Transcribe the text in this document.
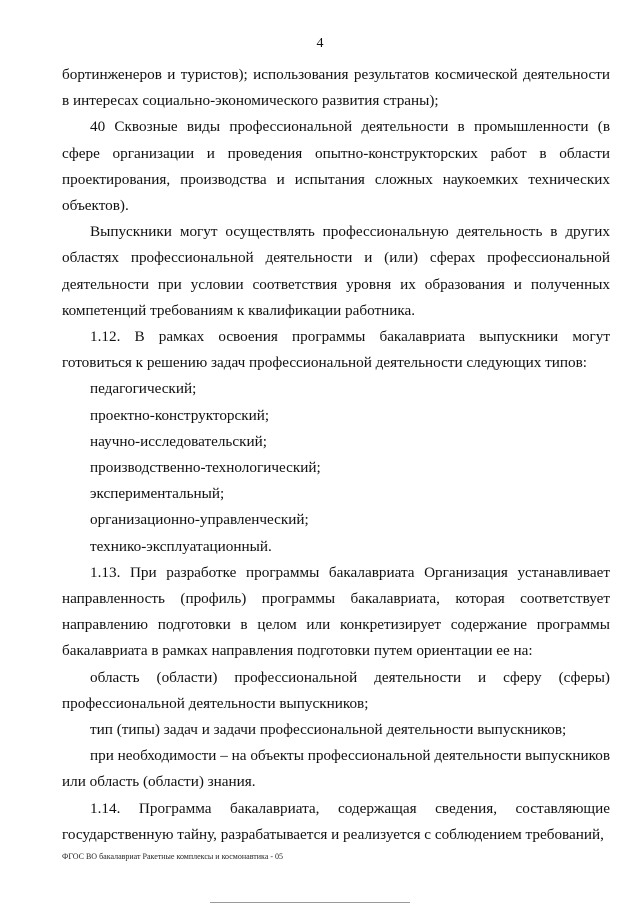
4

бортинженеров и туристов); использования результатов космической деятельности в интересах социально-экономического развития страны);

40 Сквозные виды профессиональной деятельности в промышленности (в сфере организации и проведения опытно-конструкторских работ в области проектирования, производства и испытания сложных наукоемких технических объектов).

Выпускники могут осуществлять профессиональную деятельность в других областях профессиональной деятельности и (или) сферах профессиональной деятельности при условии соответствия уровня их образования и полученных компетенций требованиям к квалификации работника.

1.12. В рамках освоения программы бакалавриата выпускники могут готовиться к решению задач профессиональной деятельности следующих типов:

педагогический;

проектно-конструкторский;

научно-исследовательский;

производственно-технологический;

экспериментальный;

организационно-управленческий;

технико-эксплуатационный.

1.13. При разработке программы бакалавриата Организация устанавливает направленность (профиль) программы бакалавриата, которая соответствует направлению подготовки в целом или конкретизирует содержание программы бакалавриата в рамках направления подготовки путем ориентации ее на:

область (области) профессиональной деятельности и сферу (сферы) профессиональной деятельности выпускников;

тип (типы) задач и задачи профессиональной деятельности выпускников;

при необходимости – на объекты профессиональной деятельности выпускников или область (области) знания.

1.14. Программа бакалавриата, содержащая сведения, составляющие государственную тайну, разрабатывается и реализуется с соблюдением требований,

ФГОС ВО бакалавриат Ракетные комплексы и космонавтика - 05
